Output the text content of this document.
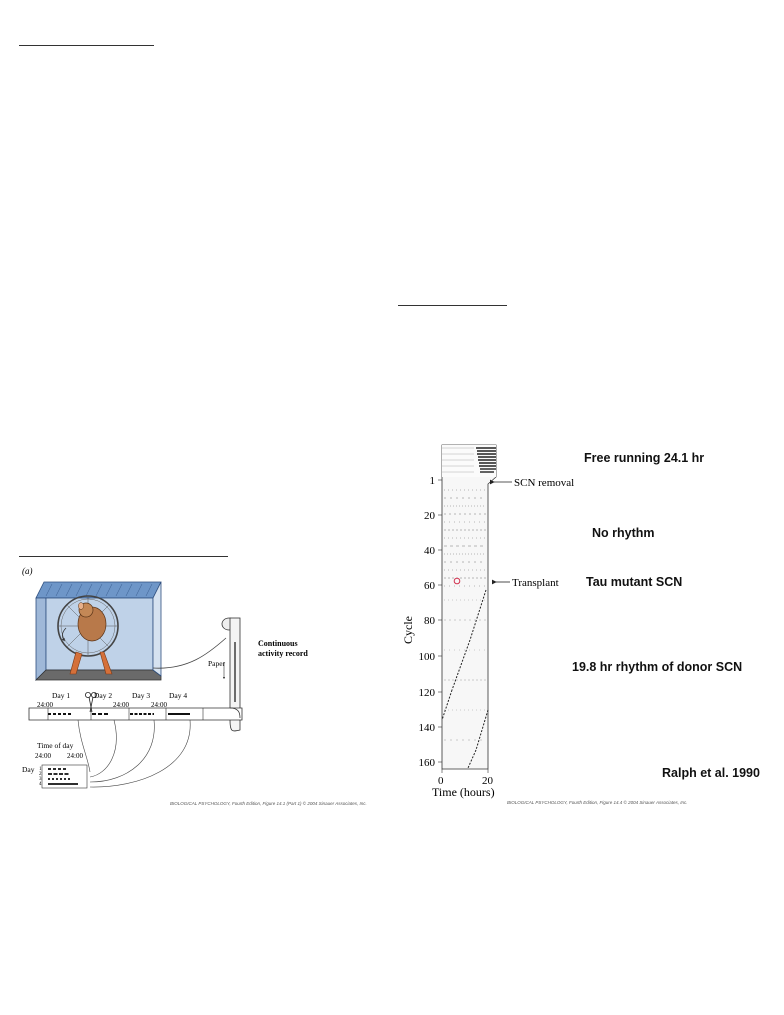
(a)
Continuous
activity record
Paper
Day 1	Day 2	Day 3	Day 4
24:00	24:00	24:00
Time of day
24:00 24:00
Day 1
2
3
4
BIOLOGICAL PSYCHOLOGY, Fourth Edition, Figure 14.1 (Part 1) © 2004 Sinauer Associates, Inc.
1
20
40
60
80
100
120
140
160
Cycle
0	20
Time (hours)
SCN removal
Transplant
Free running 24.1 hr
No rhythm
Tau mutant SCN
19.8 hr rhythm of donor SCN
Ralph et al. 1990
BIOLOGICAL PSYCHOLOGY, Fourth Edition, Figure 14.4 © 2004 Sinauer Associates, Inc.
